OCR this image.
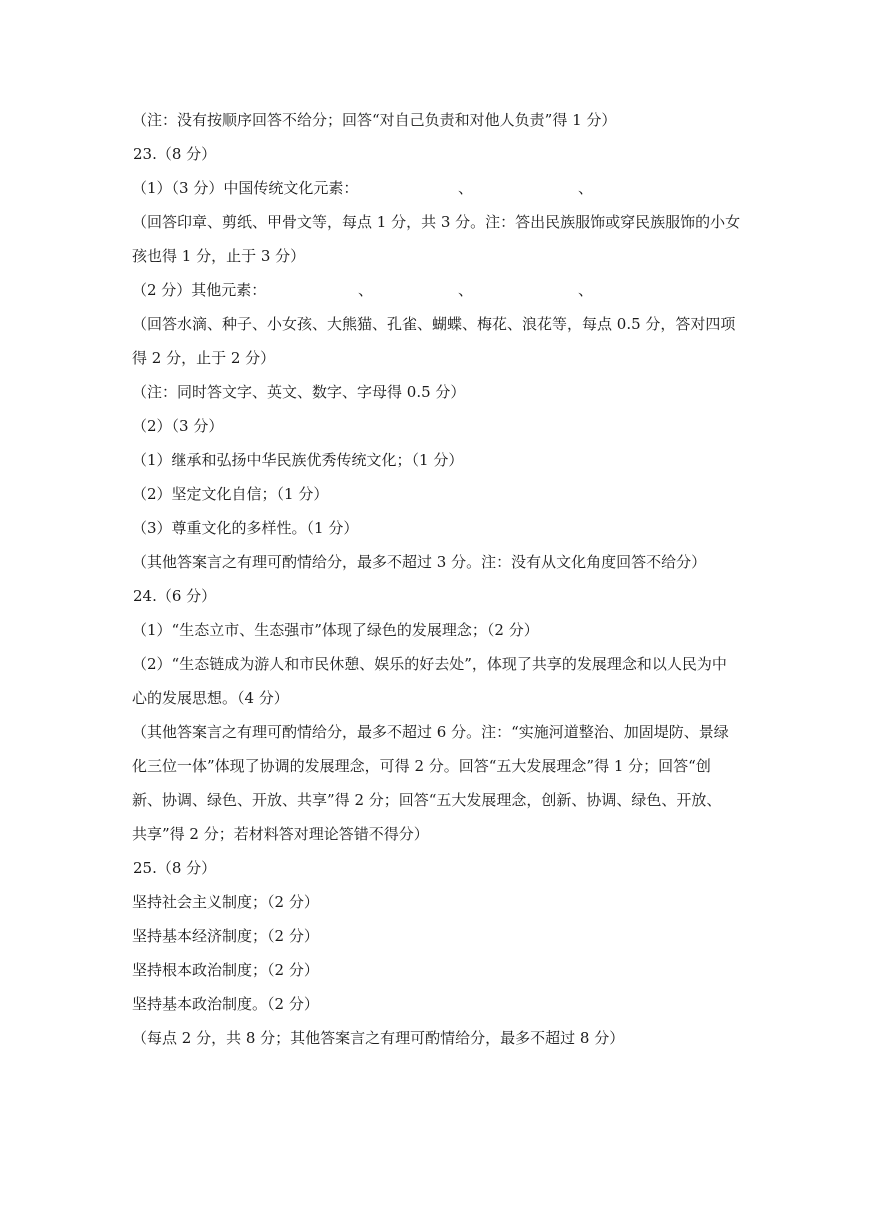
（注：没有按顺序回答不给分；回答“对自己负责和对他人负责”得 1 分）
23.（8 分）
（1）（3 分）中国传统文化元素：	、	、
（回答印章、剪纸、甲骨文等，每点 1 分，共 3 分。注：答出民族服饰或穿民族服饰的小女
孩也得 1 分，止于 3 分）
（2 分）其他元素：	、	、	、
（回答水滴、种子、小女孩、大熊猫、孔雀、蝴蝶、梅花、浪花等，每点 0.5 分，答对四项
得 2 分，止于 2 分）
（注：同时答文字、英文、数字、字母得 0.5 分）
（2）（3 分）
（1）继承和弘扬中华民族优秀传统文化；（1 分）
（2）坚定文化自信；（1 分）
（3）尊重文化的多样性。（1 分）
（其他答案言之有理可酌情给分，最多不超过 3 分。注：没有从文化角度回答不给分）
24.（6 分）
（1）“生态立市、生态强市”体现了绿色的发展理念；（2 分）
（2）“生态链成为游人和市民休憩、娱乐的好去处”，体现了共享的发展理念和以人民为中
心的发展思想。（4 分）
（其他答案言之有理可酌情给分，最多不超过 6 分。注：“实施河道整治、加固堤防、景绿
化三位一体”体现了协调的发展理念，可得 2 分。回答“五大发展理念”得 1 分；回答“创
新、协调、绿色、开放、共享”得 2 分；回答“五大发展理念，创新、协调、绿色、开放、
共享”得 2 分；若材料答对理论答错不得分）
25.（8 分）
坚持社会主义制度；（2 分）
坚持基本经济制度；（2 分）
坚持根本政治制度；（2 分）
坚持基本政治制度。（2 分）
（每点 2 分，共 8 分；其他答案言之有理可酌情给分，最多不超过 8 分）
